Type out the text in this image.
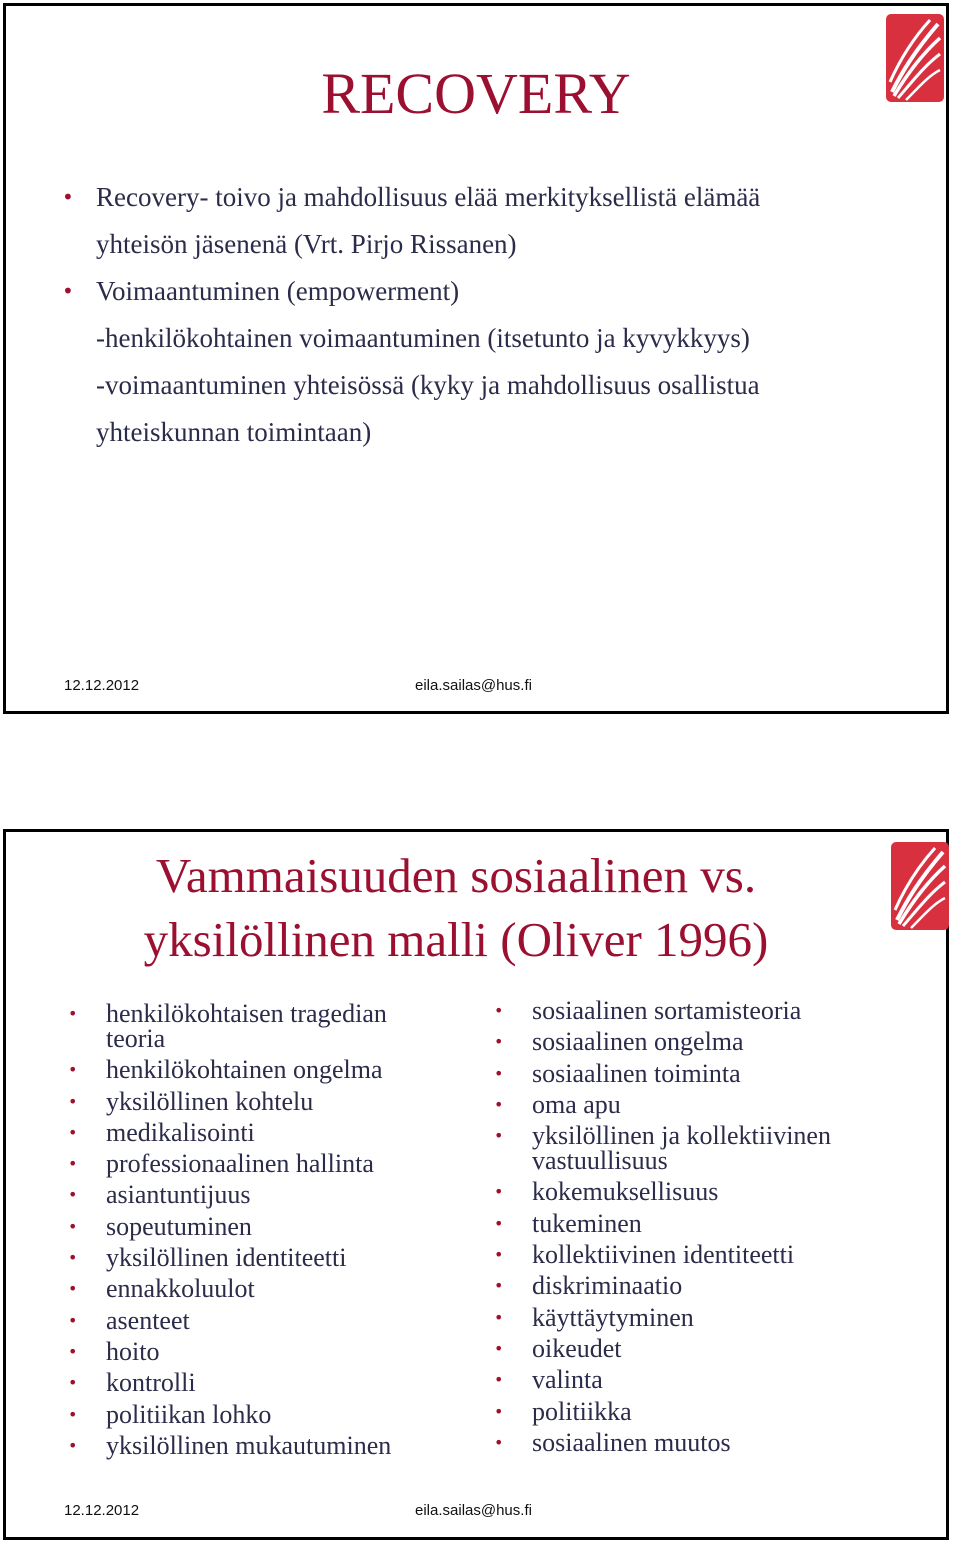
RECOVERY
• Recovery- toivo ja mahdollisuus elää merkityksellistä elämää
yhteisön jäsenenä (Vrt. Pirjo Rissanen)
• Voimaantuminen (empowerment)
-henkilökohtainen voimaantuminen (itsetunto ja kyvykkyys)
-voimaantuminen yhteisössä (kyky ja mahdollisuus osallistua
yhteiskunnan toimintaan)
12.12.2012	eila.sailas@hus.fi
Vammaisuuden sosiaalinen vs.
yksilöllinen malli (Oliver 1996)
• henkilökohtaisen tragedian
teoria
• henkilökohtainen ongelma
• yksilöllinen kohtelu
• medikalisointi
• professionaalinen hallinta
• asiantuntijuus
• sopeutuminen
• yksilöllinen identiteetti
• ennakkoluulot
• asenteet
• hoito
• kontrolli
• politiikan lohko
• yksilöllinen mukautuminen
• sosiaalinen sortamisteoria
• sosiaalinen ongelma
• sosiaalinen toiminta
• oma apu
• yksilöllinen ja kollektiivinen
vastuullisuus
• kokemuksellisuus
• tukeminen
• kollektiivinen identiteetti
• diskriminaatio
• käyttäytyminen
• oikeudet
• valinta
• politiikka
• sosiaalinen muutos
12.12.2012	eila.sailas@hus.fi
